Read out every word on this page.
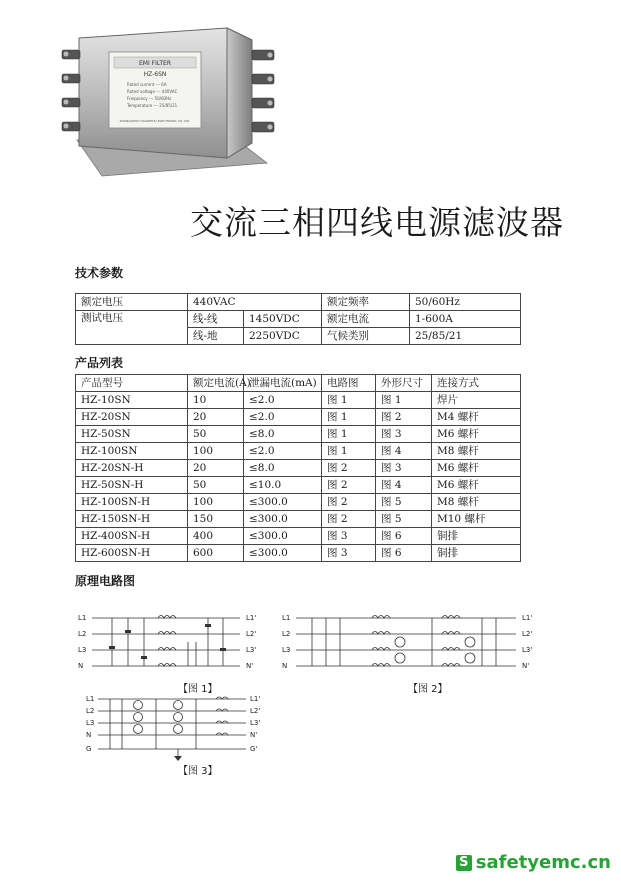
EMI FILTER
HZ-6SN
Rated current --- 6A
Rated voltage --- 440VAC
Frequency --- 50/60Hz
Temperature --- 25/85/21
ZHANGZHOU HAOZHIDU ELECTRONIC CO.,LTD.
交流三相四线电源滤波器
技术参数
额定电压	440VAC		额定频率	50/60Hz
测试电压	线-线	1450VDC	额定电流	1-600A
	线-地	2250VDC	气候类别	25/85/21
产品列表
产品型号	额定电流(A)	泄漏电流(mA)	电路图	外形尺寸	连接方式
HZ-10SN	10	≤2.0	图 1	图 1	焊片
HZ-20SN	20	≤2.0	图 1	图 2	M4 螺杆
HZ-50SN	50	≤8.0	图 1	图 3	M6 螺杆
HZ-100SN	100	≤2.0	图 1	图 4	M8 螺杆
HZ-20SN-H	20	≤8.0	图 2	图 3	M6 螺杆
HZ-50SN-H	50	≤10.0	图 2	图 4	M6 螺杆
HZ-100SN-H	100	≤300.0	图 2	图 5	M8 螺杆
HZ-150SN-H	150	≤300.0	图 2	图 5	M10 螺杆
HZ-400SN-H	400	≤300.0	图 3	图 6	铜排
HZ-600SN-H	600	≤300.0	图 3	图 6	铜排
原理电路图
L1
L2
L3
N
L1'
L2'
L3'
N'
【图 1】
L1
L2
L3
N
L1'
L2'
L3'
N'
【图 2】
L1
L2
L3
N
G
L1'
L2'
L3'
N'
G'
【图 3】
S safetyemc.cn
